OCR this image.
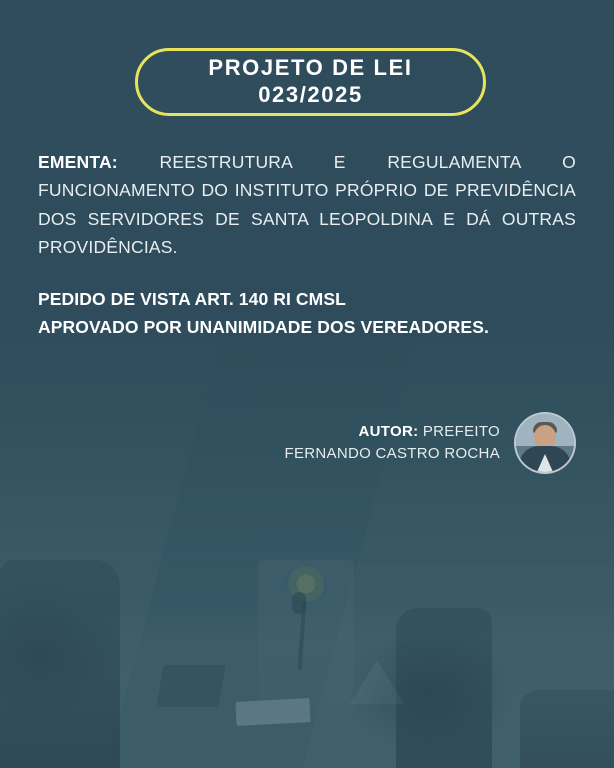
PROJETO DE LEI
023/2025
EMENTA: REESTRUTURA E REGULAMENTA O FUNCIONAMENTO DO INSTITUTO PRÓPRIO DE PREVIDÊNCIA DOS SERVIDORES DE SANTA LEOPOLDINA E DÁ OUTRAS PROVIDÊNCIAS.
PEDIDO DE VISTA ART. 140 RI CMSL
APROVADO POR UNANIMIDADE DOS VEREADORES.
AUTOR: PREFEITO
FERNANDO CASTRO ROCHA
